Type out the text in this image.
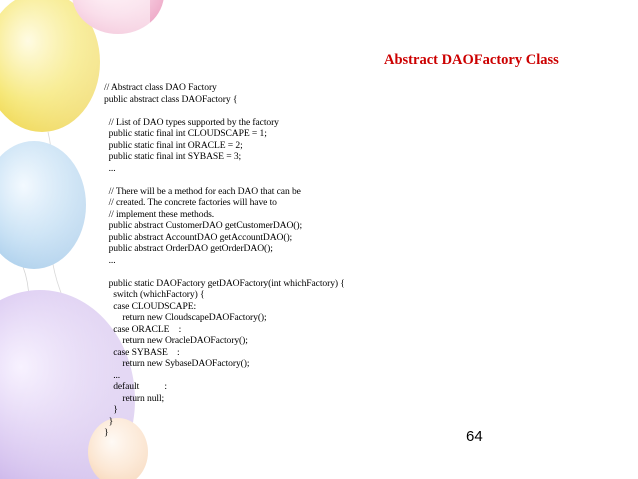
Abstract DAOFactory Class
// Abstract class DAO Factory
public abstract class DAOFactory {
// List of DAO types supported by the factory
public static final int CLOUDSCAPE = 1;
public static final int ORACLE = 2;
public static final int SYBASE = 3;
...
// There will be a method for each DAO that can be
// created. The concrete factories will have to
// implement these methods.
public abstract CustomerDAO getCustomerDAO();
public abstract AccountDAO getAccountDAO();
public abstract OrderDAO getOrderDAO();
...
public static DAOFactory getDAOFactory(int whichFactory) {
switch (whichFactory) {
case CLOUDSCAPE:
return new CloudscapeDAOFactory();
case ORACLE    :
return new OracleDAOFactory();
case SYBASE    :
return new SybaseDAOFactory();
...
default           :
return null;
}
}
}	64
